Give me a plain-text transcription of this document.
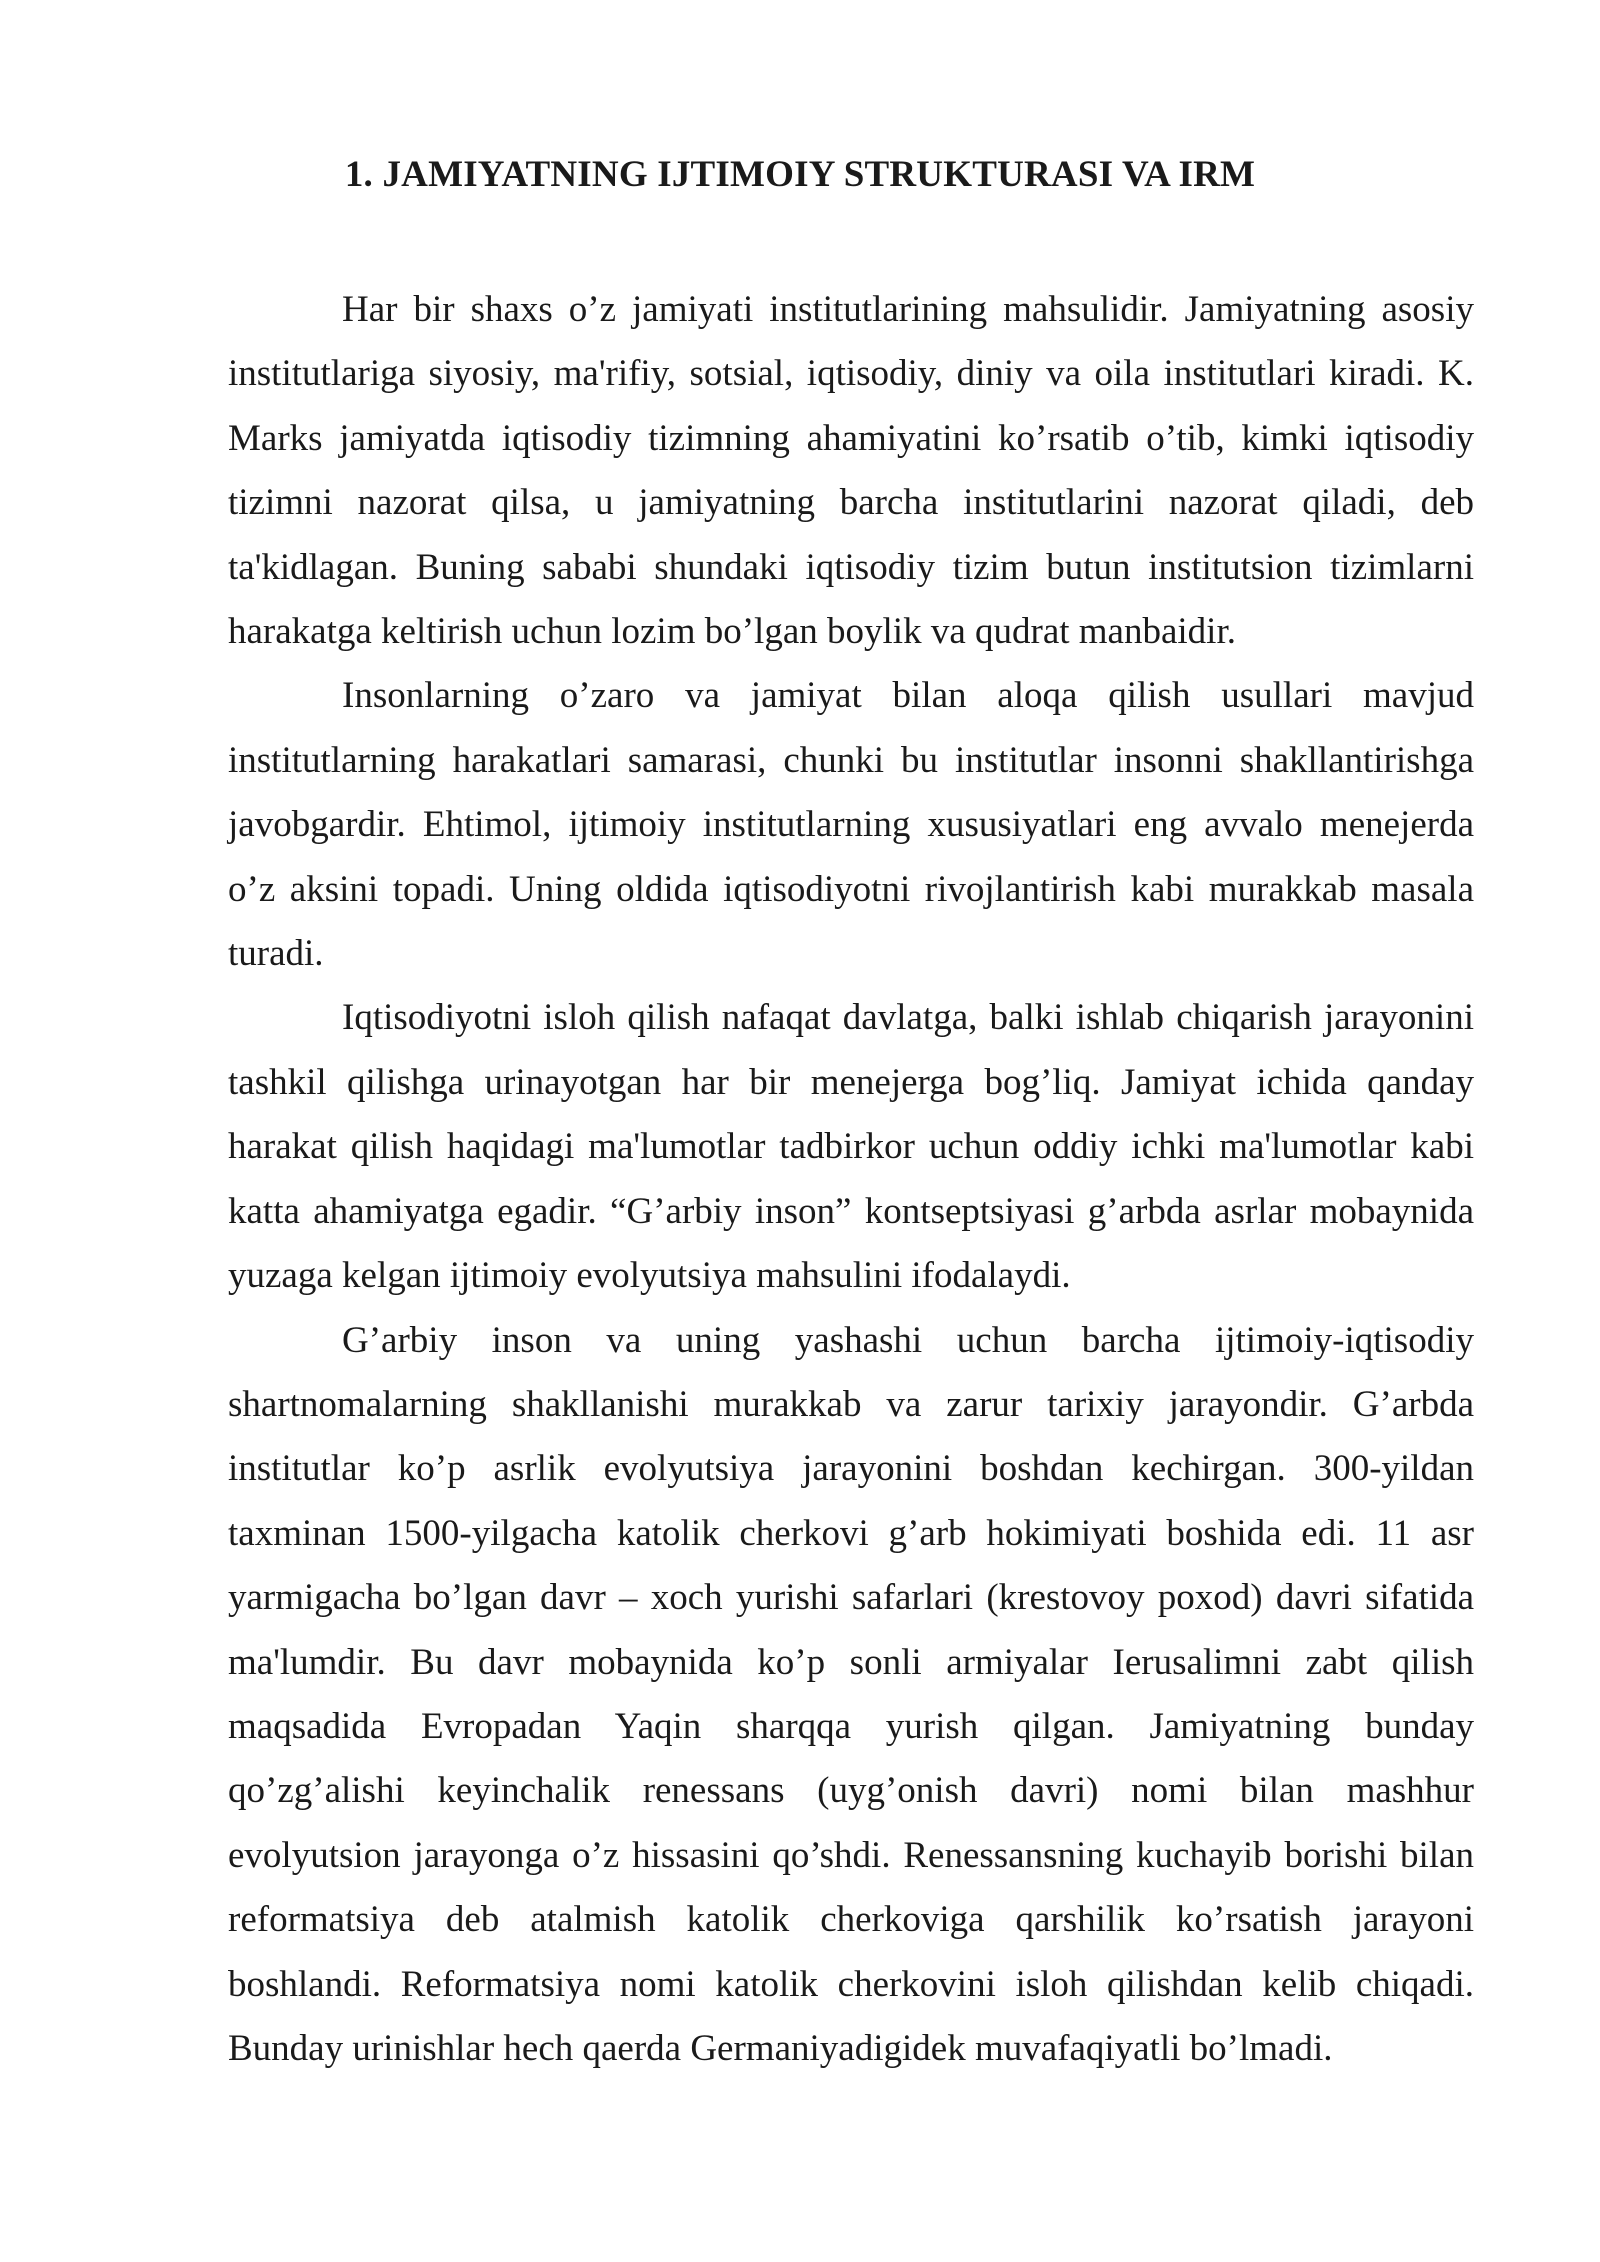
1. JAMIYATNING IJTIMOIY STRUKTURASI VA IRM

Har bir shaxs o’z jamiyati institutlarining mahsulidir. Jamiyatning asosiy institutlariga siyosiy, ma'rifiy, sotsial, iqtisodiy, diniy va oila institutlari kiradi. K. Marks jamiyatda iqtisodiy tizimning ahamiyatini ko’rsatib o’tib, kimki iqtisodiy tizimni nazorat qilsa, u jamiyatning barcha institutlarini nazorat qiladi, deb ta'kidlagan. Buning sababi shundaki iqtisodiy tizim butun institutsion tizimlarni harakatga keltirish uchun lozim bo’lgan boylik va qudrat manbaidir.

Insonlarning o’zaro va jamiyat bilan aloqa qilish usullari mavjud institutlarning harakatlari samarasi, chunki bu institutlar insonni shakllantirishga javobgardir. Ehtimol, ijtimoiy institutlarning xususiyatlari eng avvalo menejerda o’z aksini topadi. Uning oldida iqtisodiyotni rivojlantirish kabi murakkab masala turadi.

Iqtisodiyotni isloh qilish nafaqat davlatga, balki ishlab chiqarish jarayonini tashkil qilishga urinayotgan har bir menejerga bog’liq. Jamiyat ichida qanday harakat qilish haqidagi ma'lumotlar tadbirkor uchun oddiy ichki ma'lumotlar kabi katta ahamiyatga egadir. “G’arbiy inson” kontseptsiyasi g’arbda asrlar mobaynida yuzaga kelgan ijtimoiy evolyutsiya mahsulini ifodalaydi.

G’arbiy inson va uning yashashi uchun barcha ijtimoiy-iqtisodiy shartnomalarning shakllanishi murakkab va zarur tarixiy jarayondir. G’arbda institutlar ko’p asrlik evolyutsiya jarayonini boshdan kechirgan. 300-yildan taxminan 1500-yilgacha katolik cherkovi g’arb hokimiyati boshida edi. 11 asr yarmigacha bo’lgan davr – xoch yurishi safarlari (krestovoy poxod) davri sifatida ma'lumdir. Bu davr mobaynida ko’p sonli armiyalar Ierusalimni zabt qilish maqsadida Evropadan Yaqin sharqqa yurish qilgan. Jamiyatning bunday qo’zg’alishi keyinchalik renessans (uyg’onish davri) nomi bilan mashhur evolyutsion jarayonga o’z hissasini qo’shdi. Renessansning kuchayib borishi bilan reformatsiya deb atalmish katolik cherkoviga qarshilik ko’rsatish jarayoni boshlandi. Reformatsiya nomi katolik cherkovini isloh qilishdan kelib chiqadi. Bunday urinishlar hech qaerda Germaniyadigidek muvafaqiyatli bo’lmadi.
